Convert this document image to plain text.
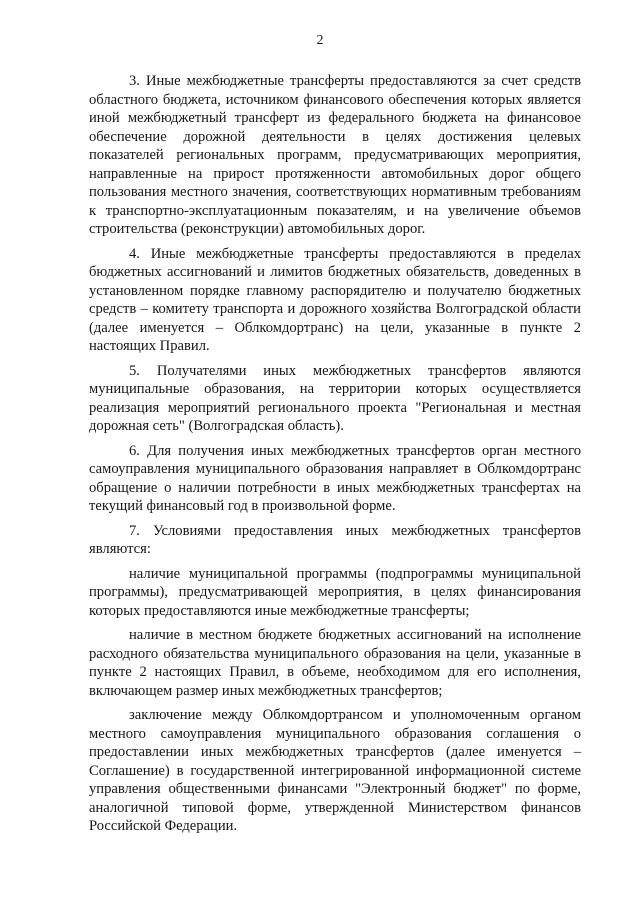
2

3. Иные межбюджетные трансферты предоставляются за счет средств областного бюджета, источником финансового обеспечения которых является иной межбюджетный трансферт из федерального бюджета на финансовое обеспечение дорожной деятельности в целях достижения целевых показателей региональных программ, предусматривающих мероприятия, направленные на прирост протяженности автомобильных дорог общего пользования местного значения, соответствующих нормативным требованиям к транспортно-эксплуатационным показателям, и на увеличение объемов строительства (реконструкции) автомобильных дорог.

4. Иные межбюджетные трансферты предоставляются в пределах бюджетных ассигнований и лимитов бюджетных обязательств, доведенных в установленном порядке главному распорядителю и получателю бюджетных средств – комитету транспорта и дорожного хозяйства Волгоградской области (далее именуется – Облкомдортранс) на цели, указанные в пункте 2 настоящих Правил.

5. Получателями иных межбюджетных трансфертов являются муниципальные образования, на территории которых осуществляется реализация мероприятий регионального проекта "Региональная и местная дорожная сеть" (Волгоградская область).

6. Для получения иных межбюджетных трансфертов орган местного самоуправления муниципального образования направляет в Облкомдортранс обращение о наличии потребности в иных межбюджетных трансфертах на текущий финансовый год в произвольной форме.

7. Условиями предоставления иных межбюджетных трансфертов являются:

наличие муниципальной программы (подпрограммы муниципальной программы), предусматривающей мероприятия, в целях финансирования которых предоставляются иные межбюджетные трансферты;

наличие в местном бюджете бюджетных ассигнований на исполнение расходного обязательства муниципального образования на цели, указанные в пункте 2 настоящих Правил, в объеме, необходимом для его исполнения, включающем размер иных межбюджетных трансфертов;

заключение между Облкомдортрансом и уполномоченным органом местного самоуправления муниципального образования соглашения о предоставлении иных межбюджетных трансфертов (далее именуется – Соглашение) в государственной интегрированной информационной системе управления общественными финансами "Электронный бюджет" по форме, аналогичной типовой форме, утвержденной Министерством финансов Российской Федерации.
